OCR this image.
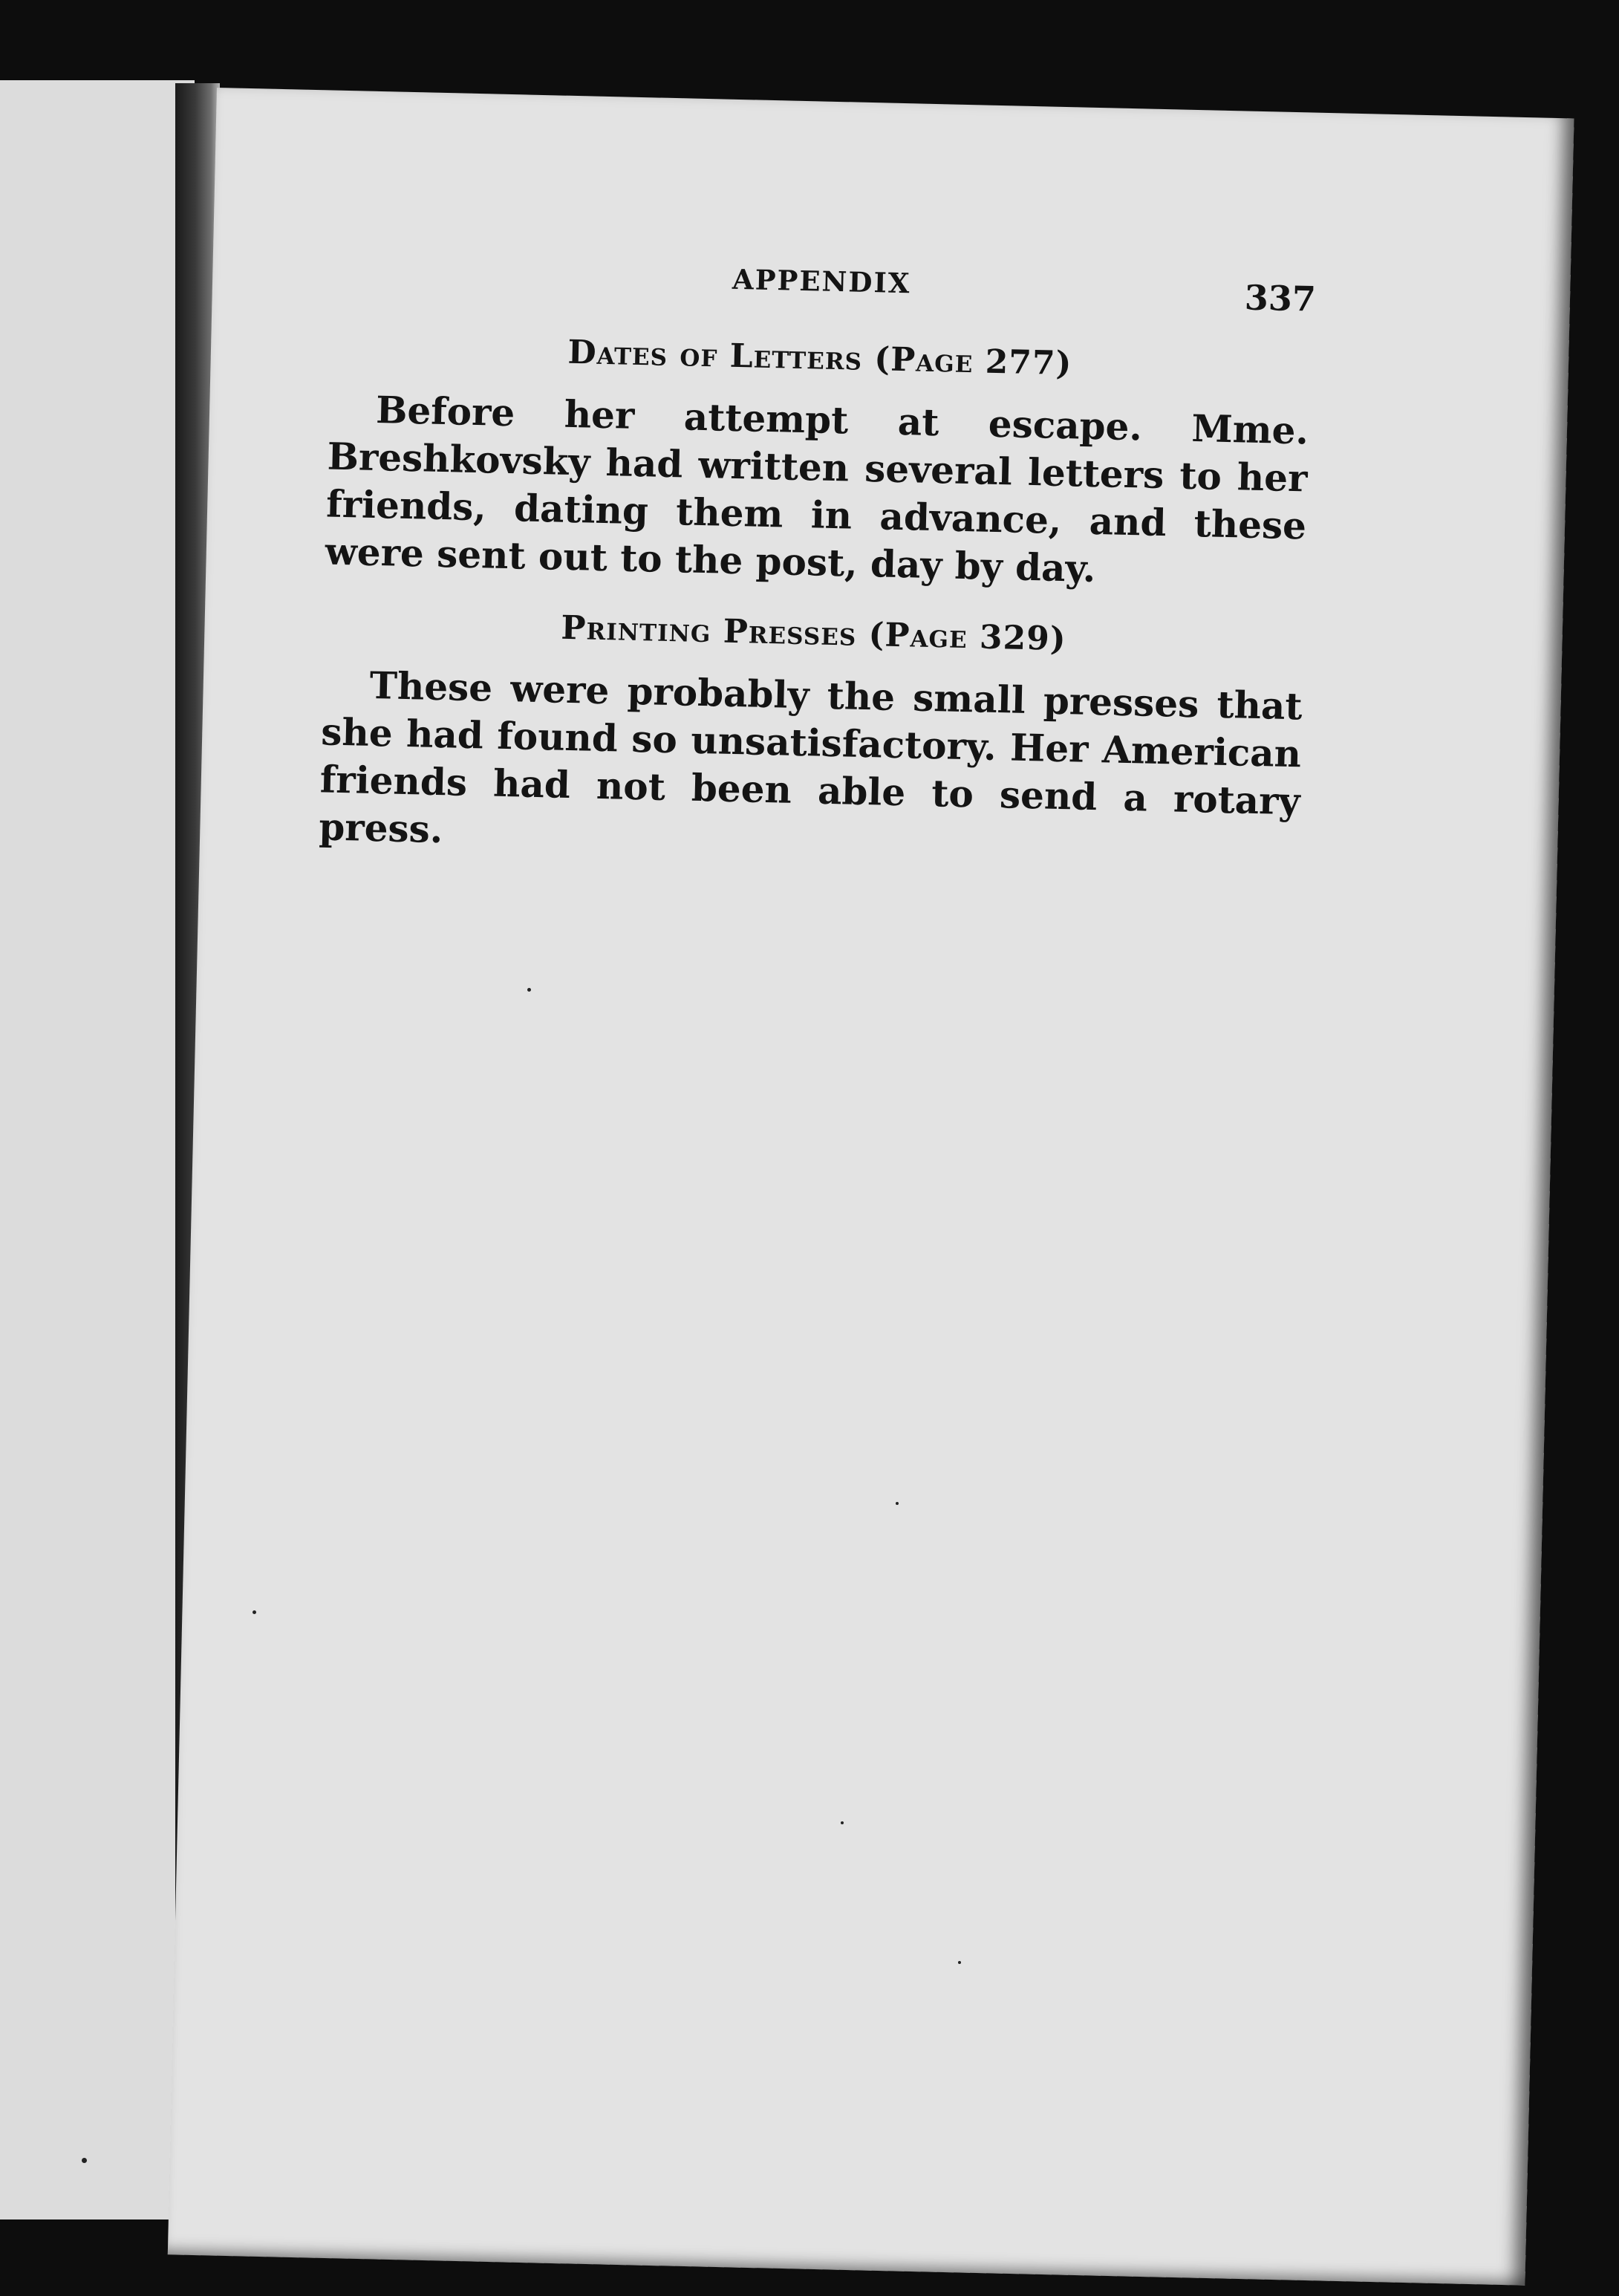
APPENDIX	337
Dates of Letters (Page 277)

Before her attempt at escape. Mme. Breshkovsky had written several letters to her friends, dating them in advance, and these were sent out to the post, day by day.

Printing Presses (Page 329)

These were probably the small presses that she had found so unsatisfactory. Her American friends had not been able to send a rotary press.
